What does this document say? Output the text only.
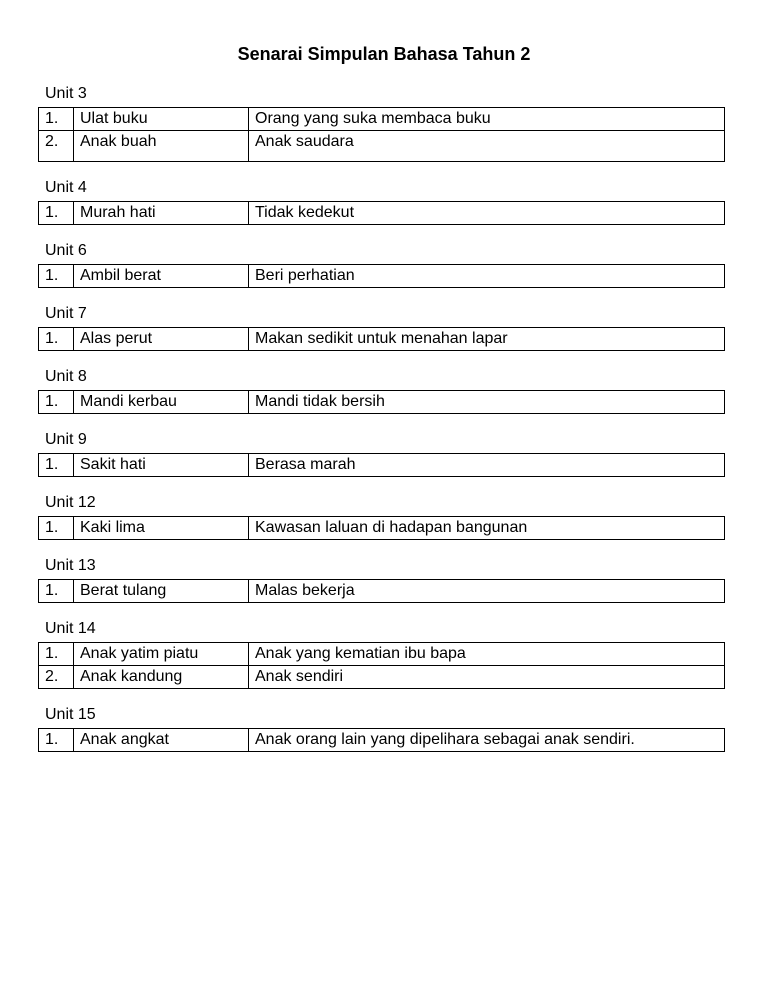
Senarai Simpulan Bahasa Tahun 2
Unit 3
1.	Ulat buku	Orang yang suka membaca buku
2.	Anak buah	Anak saudara
Unit 4
1.	Murah hati	Tidak kedekut
Unit 6
1.	Ambil berat	Beri perhatian
Unit 7
1.	Alas perut	Makan sedikit untuk menahan lapar
Unit 8
1.	Mandi kerbau	Mandi tidak bersih
Unit 9
1.	Sakit hati	Berasa marah
Unit 12
1.	Kaki lima	Kawasan laluan di hadapan bangunan
Unit 13
1.	Berat tulang	Malas bekerja
Unit 14
1.	Anak yatim piatu	Anak yang kematian ibu bapa
2.	Anak kandung	Anak sendiri
Unit 15
1.	Anak angkat	Anak orang lain yang dipelihara sebagai anak sendiri.
